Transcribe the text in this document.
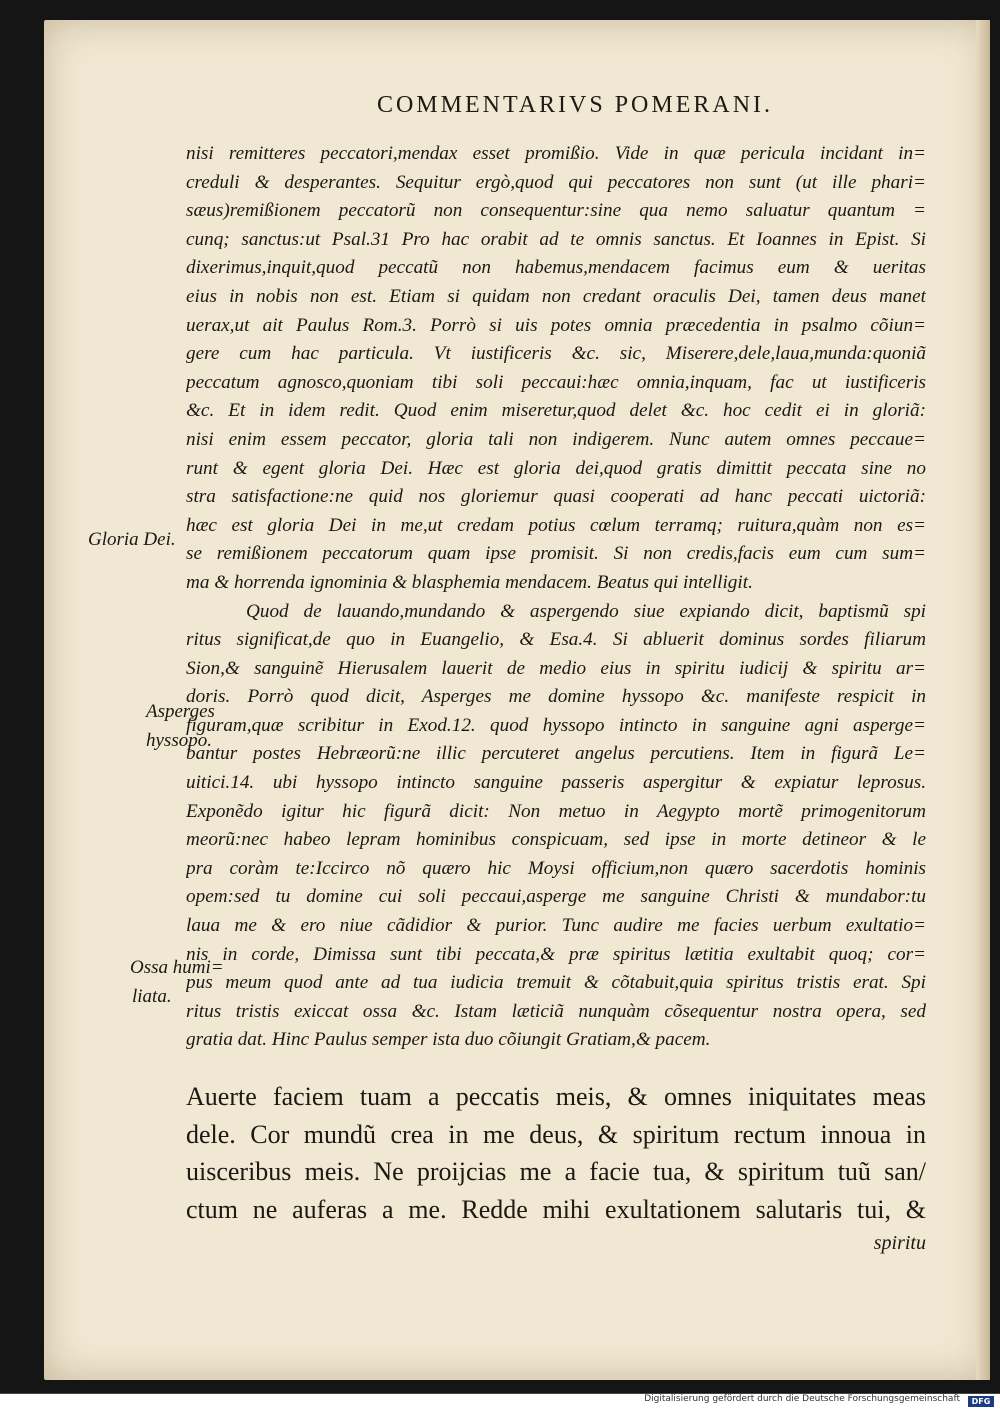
COMMENTARIVS POMERANI.
nisi remitteres peccatori,mendax esset promißio. Vide in quæ pericula incidant in=
creduli & desperantes. Sequitur ergò,quod qui peccatores non sunt (ut ille phari=
sæus)remißionem peccatorũ non consequentur:sine qua nemo saluatur quantum =
cunq; sanctus:ut Psal.31 Pro hac orabit ad te omnis sanctus. Et Ioannes in Epist. Si
dixerimus,inquit,quod peccatũ non habemus,mendacem facimus eum & ueritas
eius in nobis non est. Etiam si quidam non credant oraculis Dei, tamen deus manet
uerax,ut ait Paulus Rom.3. Porrò si uis potes omnia præcedentia in psalmo cõiun=
gere cum hac particula. Vt iustificeris &c. sic, Miserere,dele,laua,munda:quoniã
peccatum agnosco,quoniam tibi soli peccaui:hæc omnia,inquam, fac ut iustificeris
&c. Et in idem redit. Quod enim miseretur,quod delet &c. hoc cedit ei in gloriã:
nisi enim essem peccator, gloria tali non indigerem. Nunc autem omnes peccaue=
runt & egent gloria Dei. Hæc est gloria dei,quod gratis dimittit peccata sine no
stra satisfactione:ne quid nos gloriemur quasi cooperati ad hanc peccati uictoriã:
hæc est gloria Dei in me,ut credam potius cœlum terramq; ruitura,quàm non es=
se remißionem peccatorum quam ipse promisit. Si non credis,facis eum cum sum=
ma & horrenda ignominia & blasphemia mendacem. Beatus qui intelligit.
Quod de lauando,mundando & aspergendo siue expiando dicit, baptismũ spi
ritus significat,de quo in Euangelio, & Esa.4. Si abluerit dominus sordes filiarum
Sion,& sanguinẽ Hierusalem lauerit de medio eius in spiritu iudicij & spiritu ar=
doris. Porrò quod dicit, Asperges me domine hyssopo &c. manifeste respicit in
figuram,quæ scribitur in Exod.12. quod hyssopo intincto in sanguine agni asperge=
bantur postes Hebræorũ:ne illic percuteret angelus percutiens. Item in figurã Le=
uitici.14. ubi hyssopo intincto sanguine passeris aspergitur & expiatur leprosus.
Exponẽdo igitur hic figurã dicit: Non metuo in Aegypto mortẽ primogenitorum
meorũ:nec habeo lepram hominibus conspicuam, sed ipse in morte detineor & le
pra coràm te:Iccirco nõ quæro hic Moysi officium,non quæro sacerdotis hominis
opem:sed tu domine cui soli peccaui,asperge me sanguine Christi & mundabor:tu
laua me & ero niue cãdidior & purior. Tunc audire me facies uerbum exultatio=
nis in corde, Dimissa sunt tibi peccata,& præ spiritus lætitia exultabit quoq; cor=
pus meum quod ante ad tua iudicia tremuit & cõtabuit,quia spiritus tristis erat. Spi
ritus tristis exiccat ossa &c. Istam læticiã nunquàm cõsequentur nostra opera, sed
gratia dat. Hinc Paulus semper ista duo cõiungit Gratiam,& pacem.
Gloria Dei.
Asperges
hyssopo.
Ossa humi=
liata.
Auerte faciem tuam a peccatis meis, & omnes iniquitates meas
dele. Cor mundũ crea in me deus, & spiritum rectum innoua in
uisceribus meis. Ne proijcias me a facie tua, & spiritum tuũ san/
ctum ne auferas a me. Redde mihi exultationem salutaris tui, &
spiritu
Digitalisierung gefördert durch die Deutsche Forschungsgemeinschaft	DFG
